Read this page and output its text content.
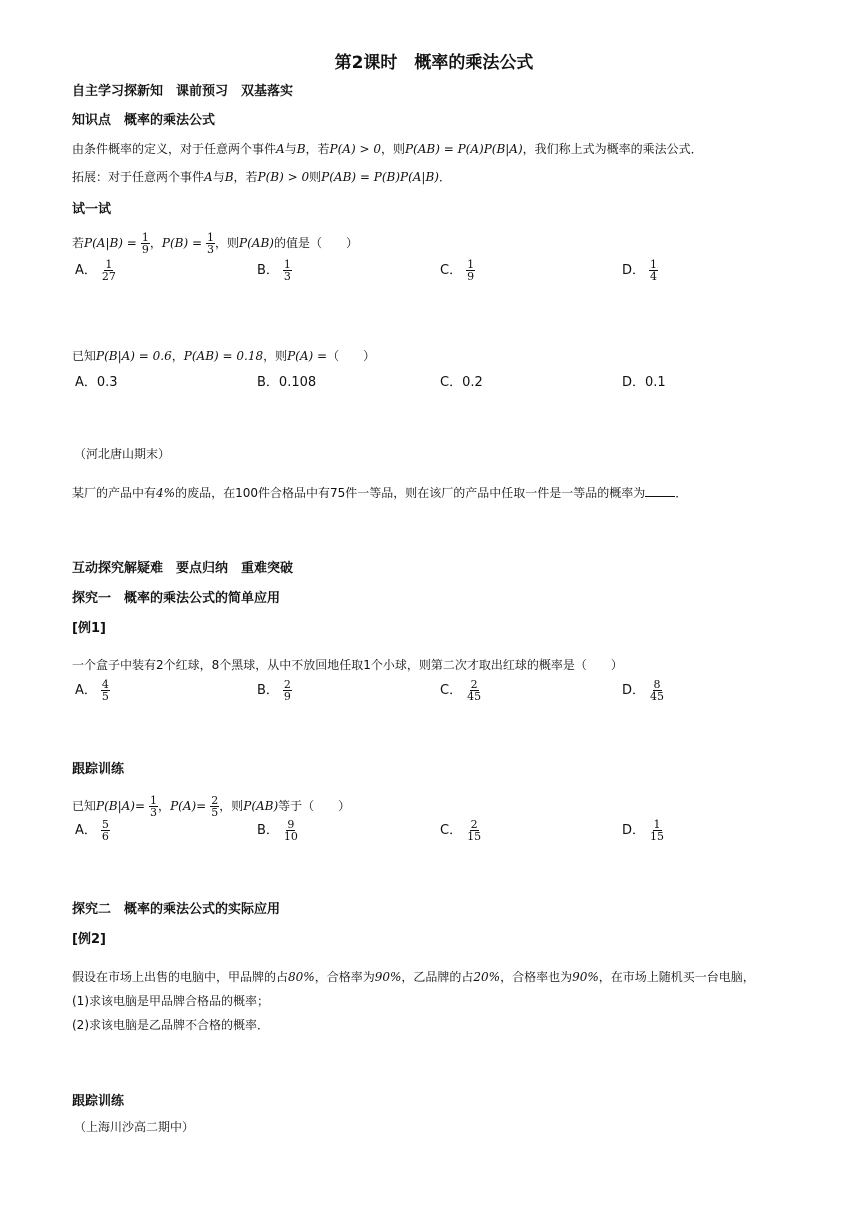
第2课时　概率的乘法公式
自主学习探新知　课前预习　双基落实
知识点　概率的乘法公式
由条件概率的定义，对于任意两个事件A与B，若P(A) > 0，则P(AB) = P(A)P(B|A)，我们称上式为概率的乘法公式．
拓展：对于任意两个事件A与B，若P(B) > 0则P(AB) = P(B)P(A|B)．
试一试
若$P(A|B) = \frac{1}{9}$ ，$P(B) = \frac{1}{3}$ ，则P(AB)的值是（　　）
A． $\frac{1}{27}$	B． $\frac{1}{3}$	C． $\frac{1}{9}$	D． $\frac{1}{4}$
已知P(B|A) = 0.6，P(AB) = 0.18，则P(A) =（　　）
A．0.3	B．0.108	C．0.2	D．0.1
（河北唐山期末）
某厂的产品中有4%的废品，在100件合格品中有75件一等品，则在该厂的产品中任取一件是一等品的概率为	．
互动探究解疑难　要点归纳　重难突破
探究一　概率的乘法公式的简单应用
[例1]
一个盒子中装有2个红球，8个黑球，从中不放回地任取1个小球，则第二次才取出红球的概率是（　　）
A． $\frac{4}{5}$	B． $\frac{2}{9}$	C． $\frac{2}{45}$	D． $\frac{8}{45}$
跟踪训练
已知$P(B|A)= \frac{1}{3}$ ，$P(A)= \frac{2}{5}$ ，则P(AB)等于（　　）
A． $\frac{5}{6}$	B． $\frac{9}{10}$	C． $\frac{2}{15}$	D． $\frac{1}{15}$
探究二　概率的乘法公式的实际应用
[例2]
假设在市场上出售的电脑中，甲品牌的占80%，合格率为90%，乙品牌的占20%，合格率也为90%，在市场上随机买一台电脑，
(1)求该电脑是甲品牌合格品的概率；
(2)求该电脑是乙品牌不合格的概率．
跟踪训练
（上海川沙高二期中）
